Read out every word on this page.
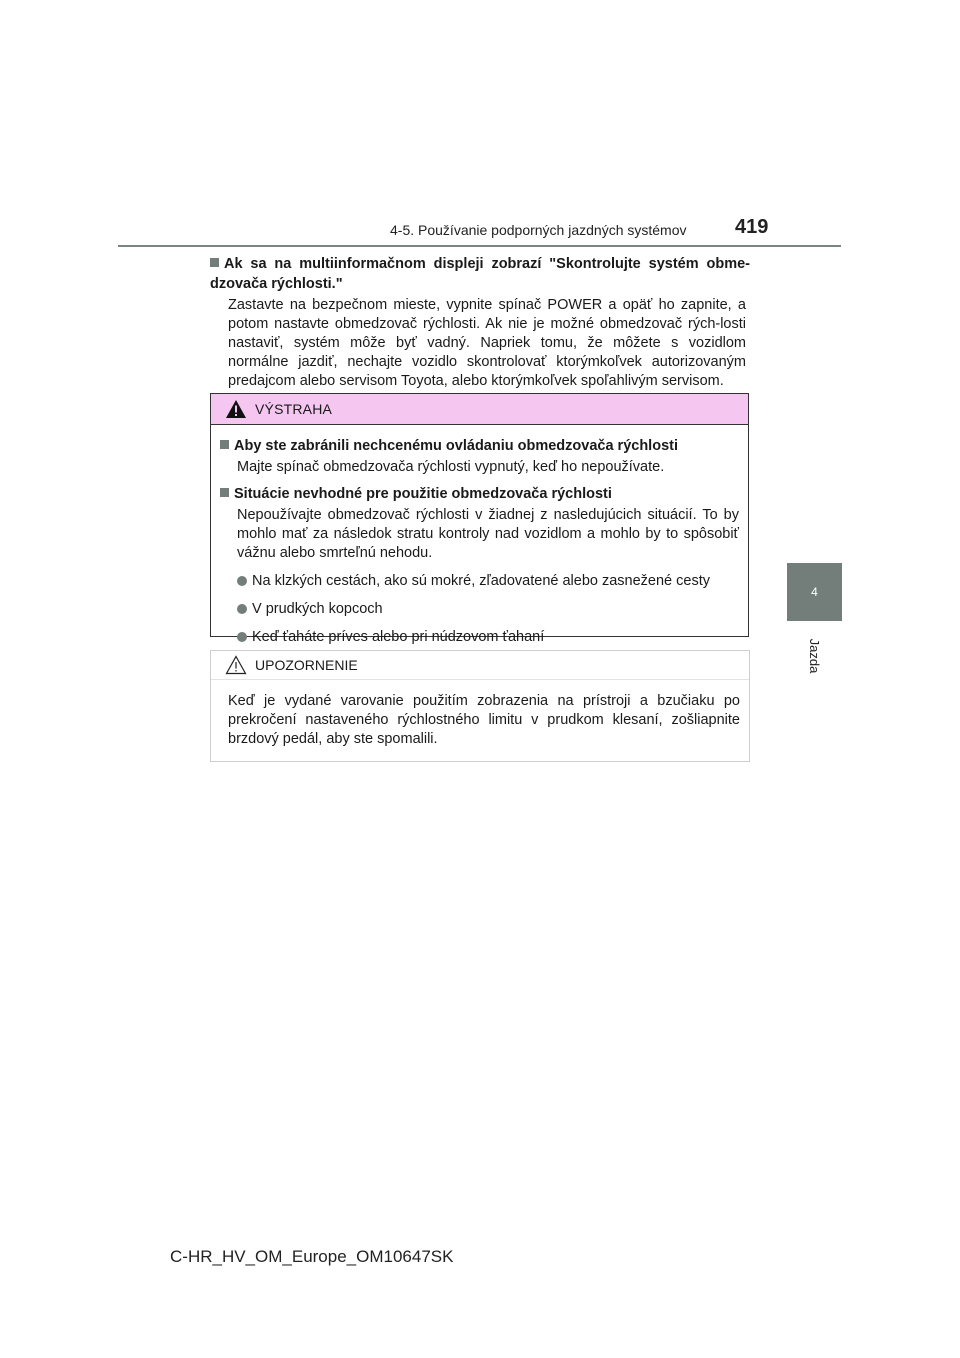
4-5. Používanie podporných jazdných systémov 419
4
Jazda
Ak sa na multiinformačnom displeji zobrazí "Skontrolujte systém obme-dzovača rýchlosti."
Zastavte na bezpečnom mieste, vypnite spínač POWER a opäť ho zapnite, a potom nastavte obmedzovač rýchlosti. Ak nie je možné obmedzovač rých-losti nastaviť, systém môže byť vadný. Napriek tomu, že môžete s vozidlom normálne jazdiť, nechajte vozidlo skontrolovať ktorýmkoľvek autorizovaným predajcom alebo servisom Toyota, alebo ktorýmkoľvek spoľahlivým servisom.
VÝSTRAHA
Aby ste zabránili nechcenému ovládaniu obmedzovača rýchlosti
Majte spínač obmedzovača rýchlosti vypnutý, keď ho nepoužívate.
Situácie nevhodné pre použitie obmedzovača rýchlosti
Nepoužívajte obmedzovač rýchlosti v žiadnej z nasledujúcich situácií. To by mohlo mať za následok stratu kontroly nad vozidlom a mohlo by to spôsobiť vážnu alebo smrteľnú nehodu.
Na klzkých cestách, ako sú mokré, zľadovatené alebo zasnežené cesty
V prudkých kopcoch
Keď ťaháte príves alebo pri núdzovom ťahaní
UPOZORNENIE
Keď je vydané varovanie použitím zobrazenia na prístroji a bzučiaku po prekročení nastaveného rýchlostného limitu v prudkom klesaní, zošliapnite brzdový pedál, aby ste spomalili.
C-HR_HV_OM_Europe_OM10647SK
